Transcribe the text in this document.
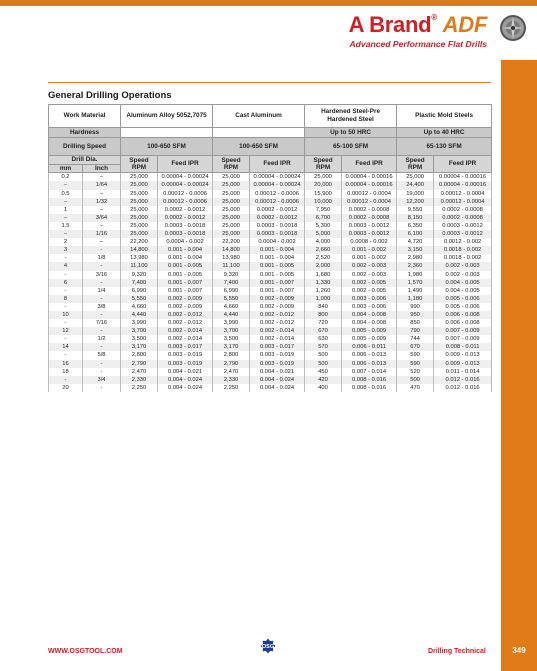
A Brand® ADF
Advanced Performance Flat Drills
General Drilling Operations
Work Material		Aluminum Alloy 5052,7075		Cast Aluminum		Hardened Steel-Pre Hardened Steel		Plastic Mold Steels	
Hardness						Up to 50 HRC		Up to 40 HRC	
Drilling Speed		100-650 SFM		100-650 SFM		65-100 SFM		65-130 SFM	
Drill Dia.		Speed RPM	Feed IPR	Speed RPM	Feed IPR	Speed RPM	Feed IPR	Speed RPM	Feed IPR
mm	Inch								
0.2	–	25,000	0.00004 - 0.00024	25,000	0.00004 - 0.00024	25,000	0.00004 - 0.00016	25,000	0.00004 - 0.00016
–	1/64	25,000	0.00004 - 0.00024	25,000	0.00004 - 0.00024	20,000	0.00004 - 0.00016	24,400	0.00004 - 0.00016
0.5	–	25,000	0.00012 - 0.0006	25,000	0.00012 - 0.0006	15,900	0.00012 - 0.0004	19,000	0.00012 - 0.0004
–	1/32	25,000	0.00012 - 0.0006	25,000	0.00012 - 0.0006	10,000	0.00012 - 0.0004	12,200	0.00012 - 0.0004
1	–	25,000	0.0002 - 0.0012	25,000	0.0002 - 0.0012	7,950	0.0002 - 0.0008	9,550	0.0002 - 0.0008
–	3/64	25,000	0.0002 - 0.0012	25,000	0.0002 - 0.0012	6,700	0.0002 - 0.0008	8,150	0.0002 - 0.0008
1.5	–	25,000	0.0003 - 0.0018	25,000	0.0003 - 0.0018	5,300	0.0003 - 0.0012	6,350	0.0003 - 0.0012
–	1/16	25,000	0.0003 - 0.0018	25,000	0.0003 - 0.0018	5,000	0.0003 - 0.0012	6,100	0.0003 - 0.0012
2	–	22,200	0.0004 - 0.002	22,200	0.0004 - 0.002	4,000	0.0008 - 0.002	4,720	0.0012 - 0.002
3	-	14,800	0.001 - 0.004	14,800	0.001 - 0.004	2,660	0.001 - 0.002	3,150	0.0018 - 0.002
-	1/8	13,980	0.001 - 0.004	13,980	0.001 - 0.004	2,520	0.001 - 0.002	2,980	0.0018 - 0.002
4	-	11,100	0.001 - 0.005	11,100	0.001 - 0.005	2,000	0.002 - 0.003	2,360	0.002 - 0.003
-	3/16	9,320	0.001 - 0.005	9,320	0.001 - 0.005	1,680	0.002 - 0.003	1,980	0.002 - 0.003
6	-	7,400	0.001 - 0.007	7,400	0.001 - 0.007	1,330	0.002 - 0.005	1,570	0.004 - 0.005
-	1/4	6,990	0.001 - 0.007	6,990	0.001 - 0.007	1,260	0.002 - 0.005	1,490	0.004 - 0.005
8	-	5,550	0.002 - 0.009	5,550	0.002 - 0.009	1,000	0.003 - 0.006	1,180	0.005 - 0.006
-	3/8	4,660	0.002 - 0.009	4,660	0.002 - 0.009	840	0.003 - 0.006	990	0.005 - 0.006
10	-	4,440	0.002 - 0.012	4,440	0.002 - 0.012	800	0.004 - 0.008	950	0.006 - 0.008
-	7/16	3,990	0.002 - 0.012	3,990	0.002 - 0.012	720	0.004 - 0.008	850	0.006 - 0.008
12	-	3,700	0.002 - 0.014	3,700	0.002 - 0.014	670	0.005 - 0.009	790	0.007 - 0.009
-	1/2	3,500	0.002 - 0.014	3,500	0.002 - 0.014	630	0.005 - 0.009	744	0.007 - 0.009
14	-	3,170	0.003 - 0.017	3,170	0.003 - 0.017	570	0.006 - 0.011	670	0.008 - 0.011
-	5/8	2,800	0.003 - 0.019	2,800	0.003 - 0.019	500	0.006 - 0.013	590	0.009 - 0.013
16	-	2,790	0.003 - 0.019	2,790	0.003 - 0.019	500	0.006 - 0.013	590	0.009 - 0.013
18	-	2,470	0.004 - 0.021	2,470	0.004 - 0.021	450	0.007 - 0.014	520	0.011 - 0.014
-	3/4	2,330	0.004 - 0.024	2,330	0.004 - 0.024	420	0.008 - 0.016	500	0.012 - 0.016
20	-	2,250	0.004 - 0.024	2,250	0.004 - 0.024	400	0.008 - 0.016	470	0.012 - 0.016
WWW.OSGTOOL.COM
OSG
Drilling Technical	349
